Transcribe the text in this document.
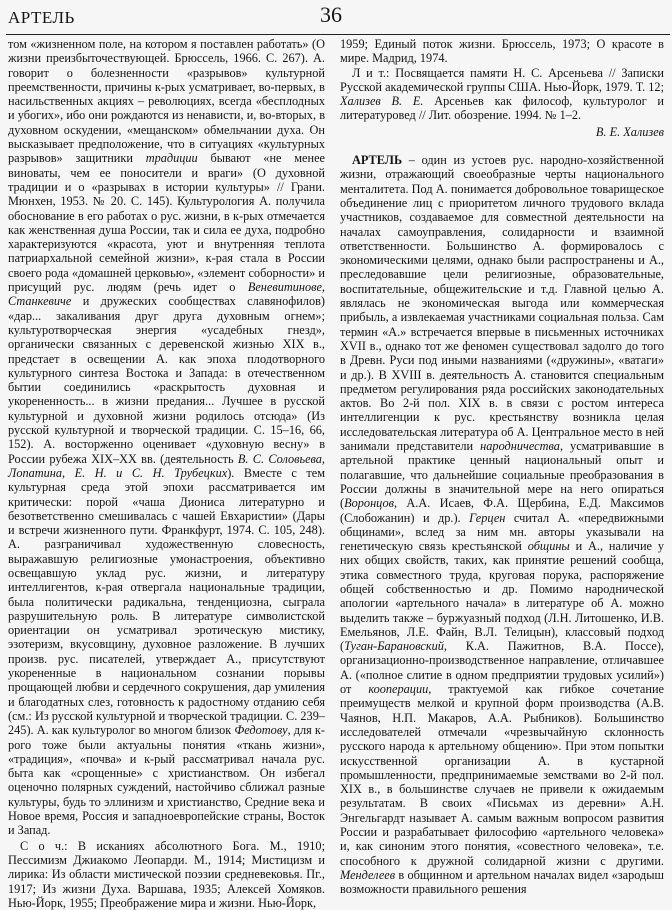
АРТЕЛЬ	36

том «жизненном поле, на котором я поставлен работать» (О жизни преизбыточествующей. Брюссель, 1966. С. 267). А. говорит о болезненности «разрывов» культурной преемственности, причины к-рых усматривает, во-первых, в насильственных акциях – революциях, всегда «бесплодных и убогих», ибо они рождаются из ненависти, и, во-вторых, в духовном оскудении, «мещанском» обмельчании духа. Он высказывает предположение, что в ситуациях «культурных разрывов» защитники традиции бывают «не менее виноваты, чем ее поносители и враги» (О духовной традиции и о «разрывах в истории культуры» // Грани. Мюнхен, 1953. № 20. С. 145). Культурология А. получила обоснование в его работах о рус. жизни, в к-рых отмечается как женственная душа России, так и сила ее духа, подробно характеризуются «красота, уют и внутренняя теплота патриархальной семейной жизни», к-рая стала в России своего рода «домашней церковью», «элемент соборности» и присущий рус. людям (речь идет о Веневитинове, Станкевиче и дружеских сообществах славянофилов) «дар... закаливания друг друга духовным огнем»; культуротворческая энергия «усадебных гнезд», органически связанных с деревенской жизнью XIX в., предстает в освещении А. как эпоха плодотворного культурного синтеза Востока и Запада: в отечественном бытии соединились «раскрытость духовная и укорененность... в жизни предания... Лучшее в русской культурной и духовной жизни родилось отсюда» (Из русской культурной и творческой традиции. С. 15–16, 66, 152). А. восторженно оценивает «духовную весну» в России рубежа XIX–XX вв. (деятельность В. С. Соловьева, Лопатина, Е. Н. и С. Н. Трубецких). Вместе с тем культурная среда этой эпохи рассматривается им критически: порой «чаша Диониса литературно и безответственно смешивалась с чашей Евхаристии» (Дары и встречи жизненного пути. Франкфурт, 1974. С. 105, 248). А. разграничивал художественную словесность, выражавшую религиозные умонастроения, объективно освещавшую уклад рус. жизни, и литературу интеллигентов, к-рая отвергала национальные традиции, была политически радикальна, тенденциозна, сыграла разрушительную роль. В литературе символистской ориентации он усматривал эротическую мистику, эзотеризм, вкусовщину, духовное разложение. В лучших произв. рус. писателей, утверждает А., присутствуют укорененные в национальном сознании порывы прощающей любви и сердечного сокрушения, дар умиления и благодатных слез, готовность к радостному отданию себя (см.: Из русской культурной и творческой традиции. С. 239–245). А. как культуролог во многом близок Федотову, для к-рого тоже были актуальны понятия «ткань жизни», «традиция», «почва» и к-рый рассматривал начала рус. быта как «срощенные» с христианством. Он избегал оценочно полярных суждений, настойчиво сближал разные культуры, будь то эллинизм и христианство, Средние века и Новое время, Россия и западноевропейские страны, Восток и Запад.

С о ч.: В исканиях абсолютного Бога. М., 1910; Пессимизм Джиакомо Леопарди. М., 1914; Мистицизм и лирика: Из области мистической поэзии средневековья. Пг., 1917; Из жизни Духа. Варшава, 1935; Алексей Хомяков. Нью-Йорк, 1955; Преображение мира и жизни. Нью-Йорк,

1959; Единый поток жизни. Брюссель, 1973; О красоте в мире. Мадрид, 1974.

Л и т.: Посвящается памяти Н. С. Арсеньева // Записки Русской академической группы США. Нью-Йорк, 1979. Т. 12; Хализев В. Е. Арсеньев как философ, культуролог и литературовед // Лит. обозрение. 1994. № 1–2.

В. Е. Хализев

АРТЕЛЬ – один из устоев рус. народно-хозяйственной жизни, отражающий своеобразные черты национального менталитета. Под А. понимается добровольное товарищеское объединение лиц с приоритетом личного трудового вклада участников, создаваемое для совместной деятельности на началах самоуправления, солидарности и взаимной ответственности. Большинство А. формировалось с экономическими целями, однако были распространены и А., преследовавшие цели религиозные, образовательные, воспитательные, общежительские и т.д. Главной целью А. являлась не экономическая выгода или коммерческая прибыль, а извлекаемая участниками социальная польза. Сам термин «А.» встречается впервые в письменных источниках XVII в., однако тот же феномен существовал задолго до того в Древн. Руси под иными названиями («дружины», «ватаги» и др.). В XVIII в. деятельность А. становится специальным предметом регулирования ряда российских законодательных актов. Во 2-й пол. XIX в. в связи с ростом интереса интеллигенции к рус. крестьянству возникла целая исследовательская литература об А. Центральное место в ней занимали представители народничества, усматривавшие в артельной практике ценный национальный опыт и полагавшие, что дальнейшие социальные преобразования в России должны в значительной мере на него опираться (Воронцов, А.А. Исаев, Ф.А. Щербина, Е.Д. Максимов (Слобожанин) и др.). Герцен считал А. «передвижными общинами», вслед за ним мн. авторы указывали на генетическую связь крестьянской общины и А., наличие у них общих свойств, таких, как принятие решений сообща, этика совместного труда, круговая порука, распоряжение общей собственностью и др. Помимо народнической апологии «артельного начала» в литературе об А. можно выделить также – буржуазный подход (Л.Н. Литошенко, И.В. Емельянов, Л.Е. Файн, В.Л. Телицын), классовый подход (Туган-Барановский, К.А. Пажитнов, В.А. Поссе), организационно-производственное направление, отличавшее А. («полное слитие в одном предприятии трудовых усилий») от кооперации, трактуемой как гибкое сочетание преимуществ мелкой и крупной форм производства (А.В. Чаянов, Н.П. Макаров, А.А. Рыбников). Большинство исследователей отмечали «чрезвычайную склонность русского народа к артельному общению». При этом попытки искусственной организации А. в кустарной промышленности, предпринимаемые земствами во 2-й пол. XIX в., в большинстве случаев не привели к ожидаемым результатам. В своих «Письмах из деревни» А.Н. Энгельгардт называет А. самым важным вопросом развития России и разрабатывает философию «артельного человека» и, как синоним этого понятия, «совестного человека», т.е. способного к дружной солидарной жизни с другими. Менделеев в общинном и артельном началах видел «зародыш возможности правильного решения
